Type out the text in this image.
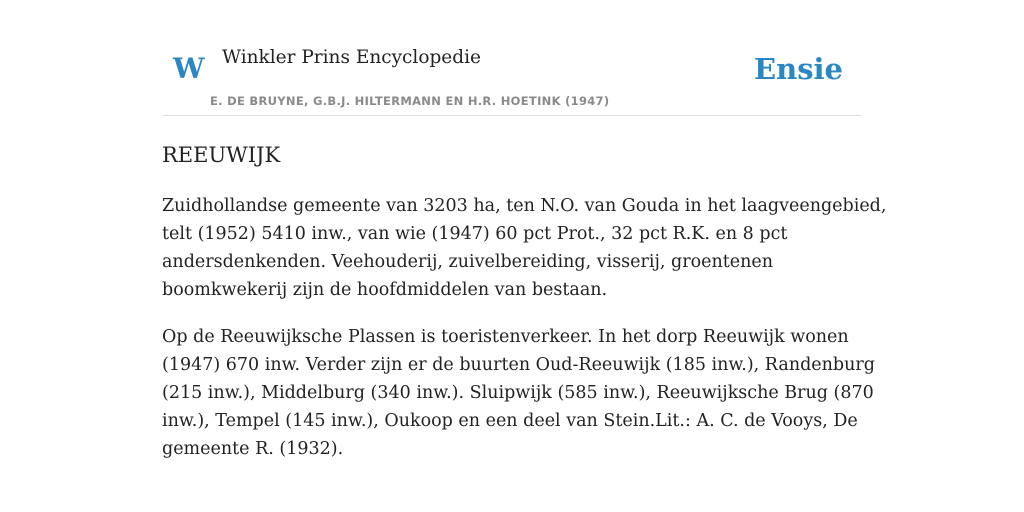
W Winkler Prins Encyclopedie
E. DE BRUYNE, G.B.J. HILTERMANN EN H.R. HOETINK (1947)
Ensie
REEUWIJK

Zuidhollandse gemeente van 3203 ha, ten N.O. van Gouda in het laagveengebied,
telt (1952) 5410 inw., van wie (1947) 60 pct Prot., 32 pct R.K. en 8 pct
andersdenkenden. Veehouderij, zuivelbereiding, visserij, groentenen
boomkwekerij zijn de hoofdmiddelen van bestaan.

Op de Reeuwijksche Plassen is toeristenverkeer. In het dorp Reeuwijk wonen
(1947) 670 inw. Verder zijn er de buurten Oud-Reeuwijk (185 inw.), Randenburg
(215 inw.), Middelburg (340 inw.). Sluipwijk (585 inw.), Reeuwijksche Brug (870
inw.), Tempel (145 inw.), Oukoop en een deel van Stein.Lit.: A. C. de Vooys, De
gemeente R. (1932).
